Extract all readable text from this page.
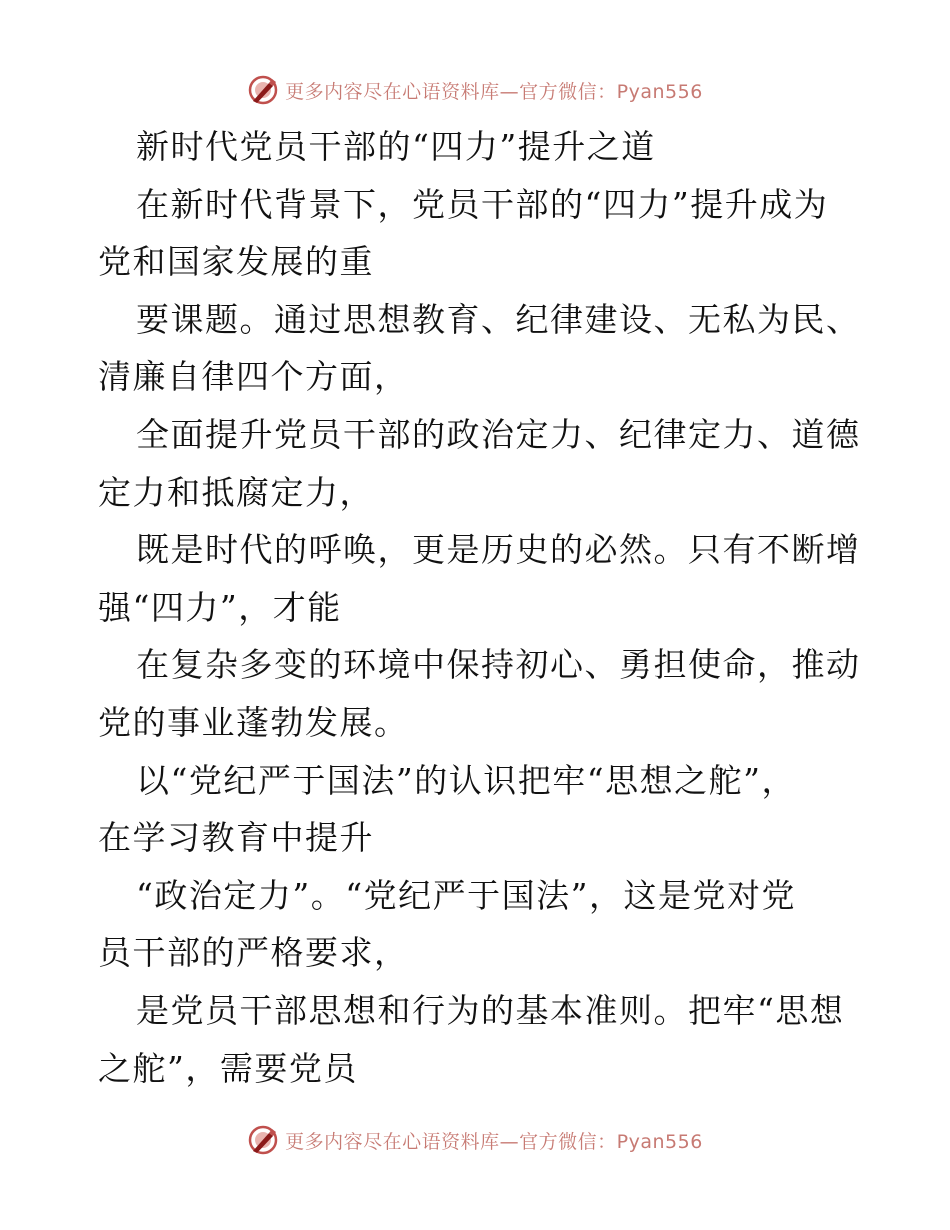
更多内容尽在心语资料库—官方微信：Pyan556
新时代党员干部的“四力”提升之道
在新时代背景下，党员干部的“四力”提升成为
党和国家发展的重
要课题。通过思想教育、纪律建设、无私为民、
清廉自律四个方面，
全面提升党员干部的政治定力、纪律定力、道德
定力和抵腐定力，
既是时代的呼唤，更是历史的必然。只有不断增
强“四力”，才能
在复杂多变的环境中保持初心、勇担使命，推动
党的事业蓬勃发展。
以“党纪严于国法”的认识把牢“思想之舵”，
在学习教育中提升
“政治定力”。“党纪严于国法”，这是党对党
员干部的严格要求，
是党员干部思想和行为的基本准则。把牢“思想
之舵”，需要党员
更多内容尽在心语资料库—官方微信：Pyan556
